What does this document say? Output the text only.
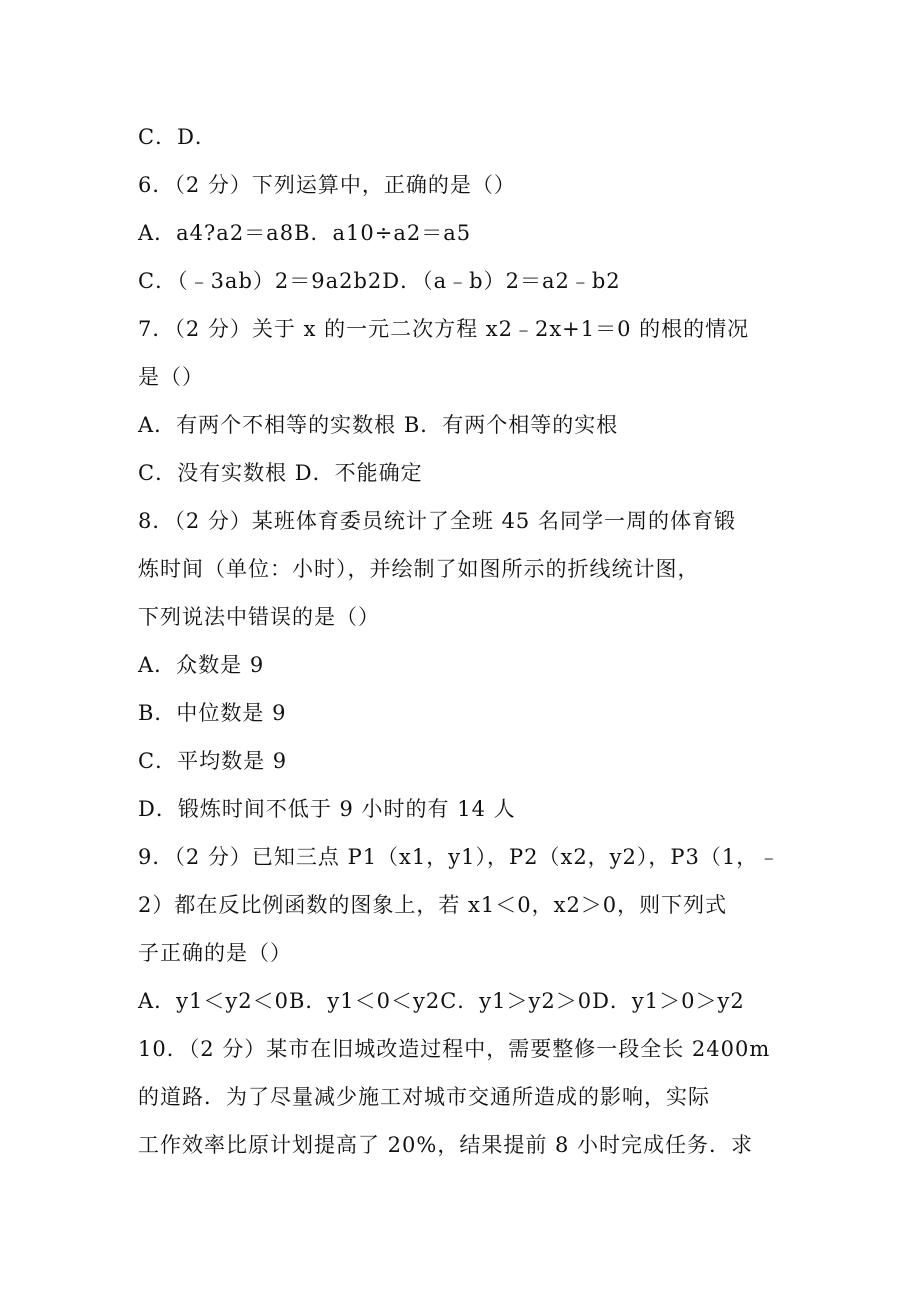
C．D．
6．（2 分）下列运算中，正确的是（）
A．a4?a2＝a8B．a10÷a2＝a5
C．（﹣3ab）2＝9a2b2D．（a﹣b）2＝a2﹣b2
7．（2 分）关于 x 的一元二次方程 x2﹣2x+1＝0 的根的情况
是（）
A．有两个不相等的实数根 B．有两个相等的实根
C．没有实数根 D．不能确定
8．（2 分）某班体育委员统计了全班 45 名同学一周的体育锻
炼时间（单位：小时），并绘制了如图所示的折线统计图，
下列说法中错误的是（）
A．众数是 9
B．中位数是 9
C．平均数是 9
D．锻炼时间不低于 9 小时的有 14 人
9．（2 分）已知三点 P1（x1，y1），P2（x2，y2），P3（1，﹣
2）都在反比例函数的图象上，若 x1＜0，x2＞0，则下列式
子正确的是（）
A．y1＜y2＜0B．y1＜0＜y2C．y1＞y2＞0D．y1＞0＞y2
10．（2 分）某市在旧城改造过程中，需要整修一段全长 2400m
的道路．为了尽量减少施工对城市交通所造成的影响，实际
工作效率比原计划提高了 20%，结果提前 8 小时完成任务．求
